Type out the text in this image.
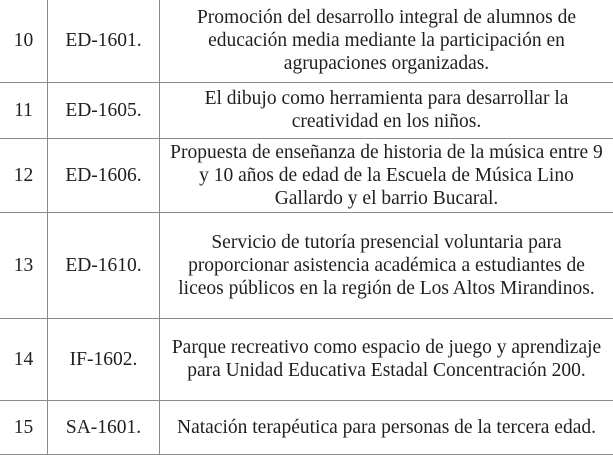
10	ED-1601.	Promoción del desarrollo integral de alumnos de educación media mediante la participación en agrupaciones organizadas.
11	ED-1605.	El dibujo como herramienta para desarrollar la creatividad en los niños.
12	ED-1606.	Propuesta de enseñanza de historia de la música entre 9 y 10 años de edad de la Escuela de Música Lino Gallardo y el barrio Bucaral.
13	ED-1610.	Servicio de tutoría presencial voluntaria para proporcionar asistencia académica a estudiantes de liceos públicos en la región de Los Altos Mirandinos.
14	IF-1602.	Parque recreativo como espacio de juego y aprendizaje para Unidad Educativa Estadal Concentración 200.
15	SA-1601.	Natación terapéutica para personas de la tercera edad.
